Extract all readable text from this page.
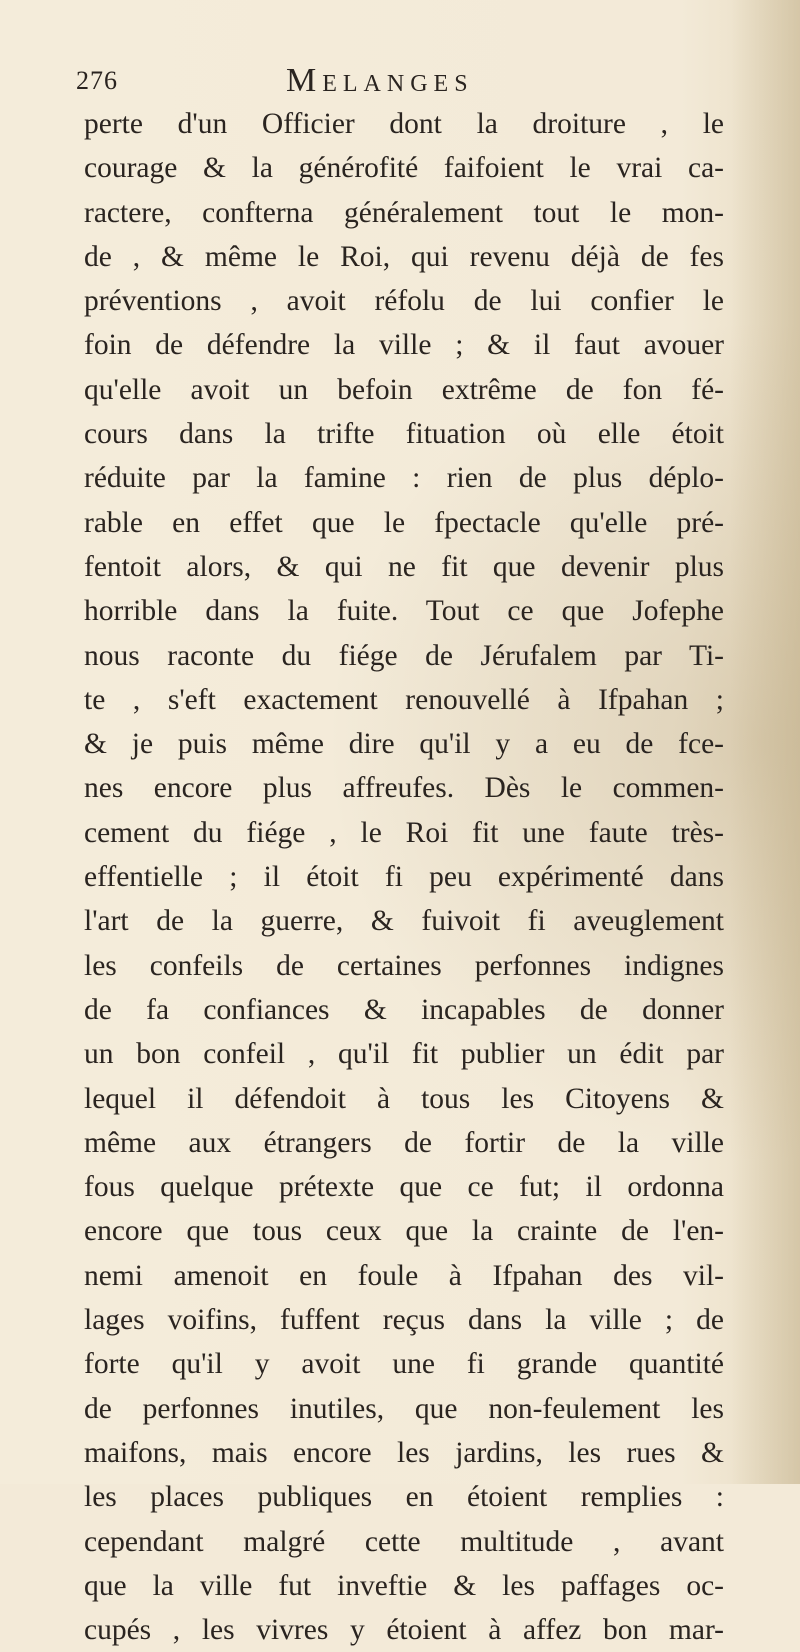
276	Melanges
perte d'un Officier dont la droiture , le
courage & la générofité faifoient le vrai ca-
ractere, confterna généralement tout le mon-
de , & même le Roi, qui revenu déjà de fes
préventions , avoit réfolu de lui confier le
foin de défendre la ville ; & il faut avouer
qu'elle avoit un befoin extrême de fon fé-
cours dans la trifte fituation où elle étoit
réduite par la famine : rien de plus déplo-
rable en effet que le fpectacle qu'elle pré-
fentoit alors, & qui ne fit que devenir plus
horrible dans la fuite. Tout ce que Jofephe
nous raconte du fiége de Jérufalem par Ti-
te , s'eft exactement renouvellé à Ifpahan ;
& je puis même dire qu'il y a eu de fce-
nes encore plus affreufes. Dès le commen-
cement du fiége , le Roi fit une faute très-
effentielle ; il étoit fi peu expérimenté dans
l'art de la guerre, & fuivoit fi aveuglement
les confeils de certaines perfonnes indignes
de fa confiances & incapables de donner
un bon confeil , qu'il fit publier un édit par
lequel il défendoit à tous les Citoyens &
même aux étrangers de fortir de la ville
fous quelque prétexte que ce fut; il ordonna
encore que tous ceux que la crainte de l'en-
nemi amenoit en foule à Ifpahan des vil-
lages voifins, fuffent reçus dans la ville ; de
forte qu'il y avoit une fi grande quantité
de perfonnes inutiles, que non-feulement les
maifons, mais encore les jardins, les rues &
les places publiques en étoient remplies :
cependant malgré cette multitude , avant
que la ville fut inveftie & les paffages oc-
cupés , les vivres y étoient à affez bon mar-
